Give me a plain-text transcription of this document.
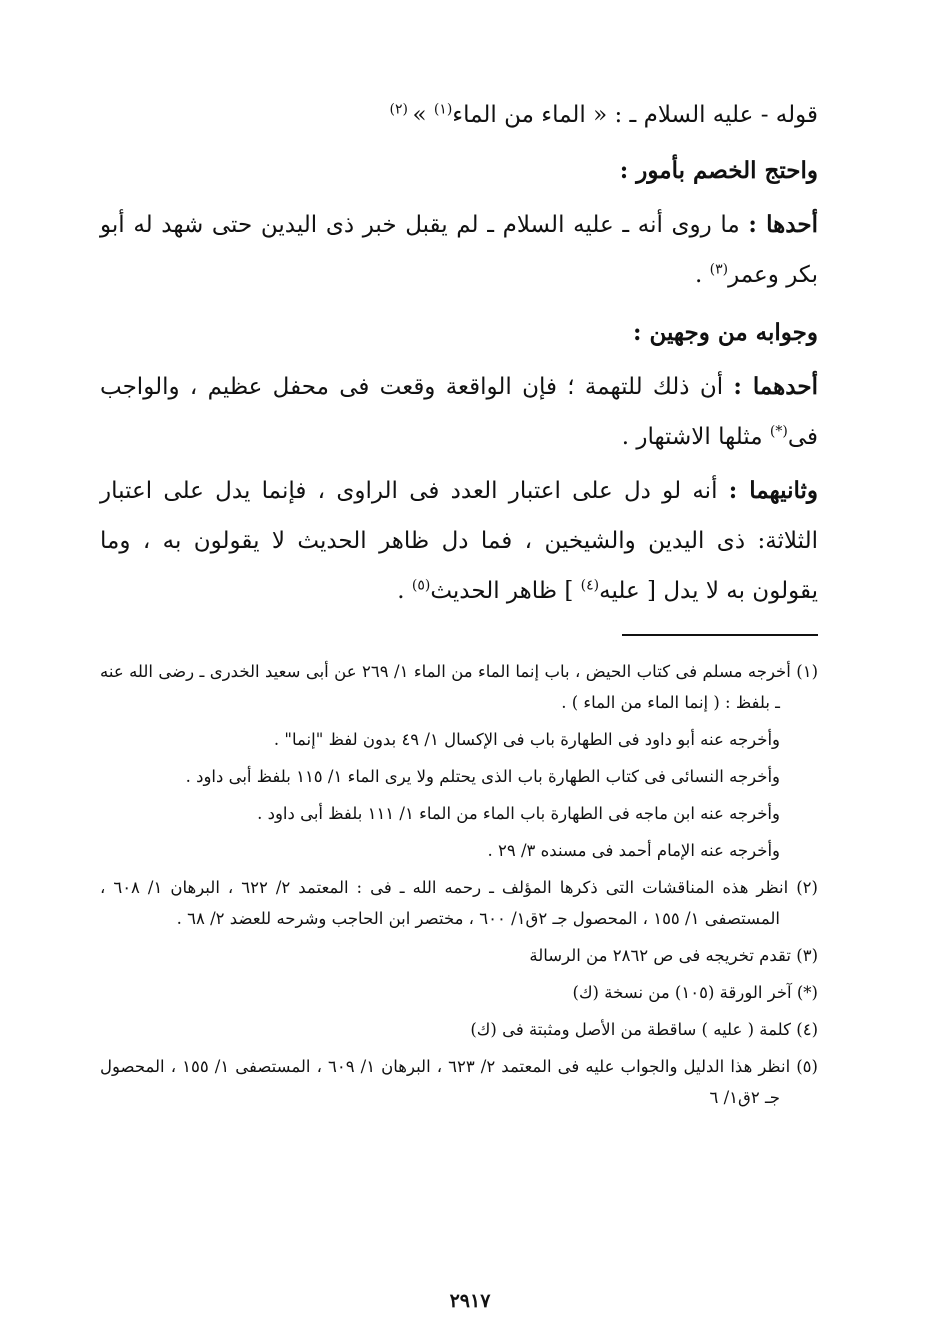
قوله - عليه السلام ـ : « الماء من الماء$^{(١)}$ » $^{(٢)}$

واحتج الخصم بأمور :

أحدها : ما روى أنه ـ عليه السلام ـ لم يقبل خبر ذى اليدين حتى شهد له أبو بكر وعمر$^{(٣)}$ .

وجوابه من وجهين :

أحدهما : أن ذلك للتهمة ؛ فإن الواقعة وقعت فى محفل عظيم ، والواجب فى(*) مثلها الاشتهار .

وثانيهما : أنه لو دل على اعتبار العدد فى الراوى ، فإنما يدل على اعتبار الثلاثة: ذى اليدين والشيخين ، فما دل ظاهر الحديث لا يقولون به ، وما يقولون به لا يدل [ عليه$^{(٤)}$ ] ظاهر الحديث$^{(٥)}$ .

(١) أخرجه مسلم فى كتاب الحيض ، باب إنما الماء من الماء ١/ ٢٦٩ عن أبى سعيد الخدرى ـ رضى الله عنه ـ بلفظ : ( إنما الماء من الماء ) .

وأخرجه عنه أبو داود فى الطهارة باب فى الإكسال ١/ ٤٩ بدون لفظ "إنما" .

وأخرجه النسائى فى كتاب الطهارة باب الذى يحتلم ولا يرى الماء ١/ ١١٥ بلفظ أبى داود .

وأخرجه عنه ابن ماجه فى الطهارة باب الماء من الماء ١/ ١١١ بلفظ أبى داود .

وأخرجه عنه الإمام أحمد فى مسنده ٣/ ٢٩ .

(٢) انظر هذه المناقشات التى ذكرها المؤلف ـ رحمه الله ـ فى : المعتمد ٢/ ٦٢٢ ، البرهان ١/ ٦٠٨ ، المستصفى ١/ ١٥٥ ، المحصول جـ ٢ق١/ ٦٠٠ ، مختصر ابن الحاجب وشرحه للعضد ٢/ ٦٨ .

(٣) تقدم تخريجه فى ص ٢٨٦٢ من الرسالة

(*) آخر الورقة (١٠٥) من نسخة (ك)

(٤) كلمة ( عليه ) ساقطة من الأصل ومثبتة فى (ك)

(٥) انظر هذا الدليل والجواب عليه فى المعتمد ٢/ ٦٢٣ ، البرهان ١/ ٦٠٩ ، المستصفى ١/ ١٥٥ ، المحصول جـ ٢ق١/ ٦

٢٩١٧
